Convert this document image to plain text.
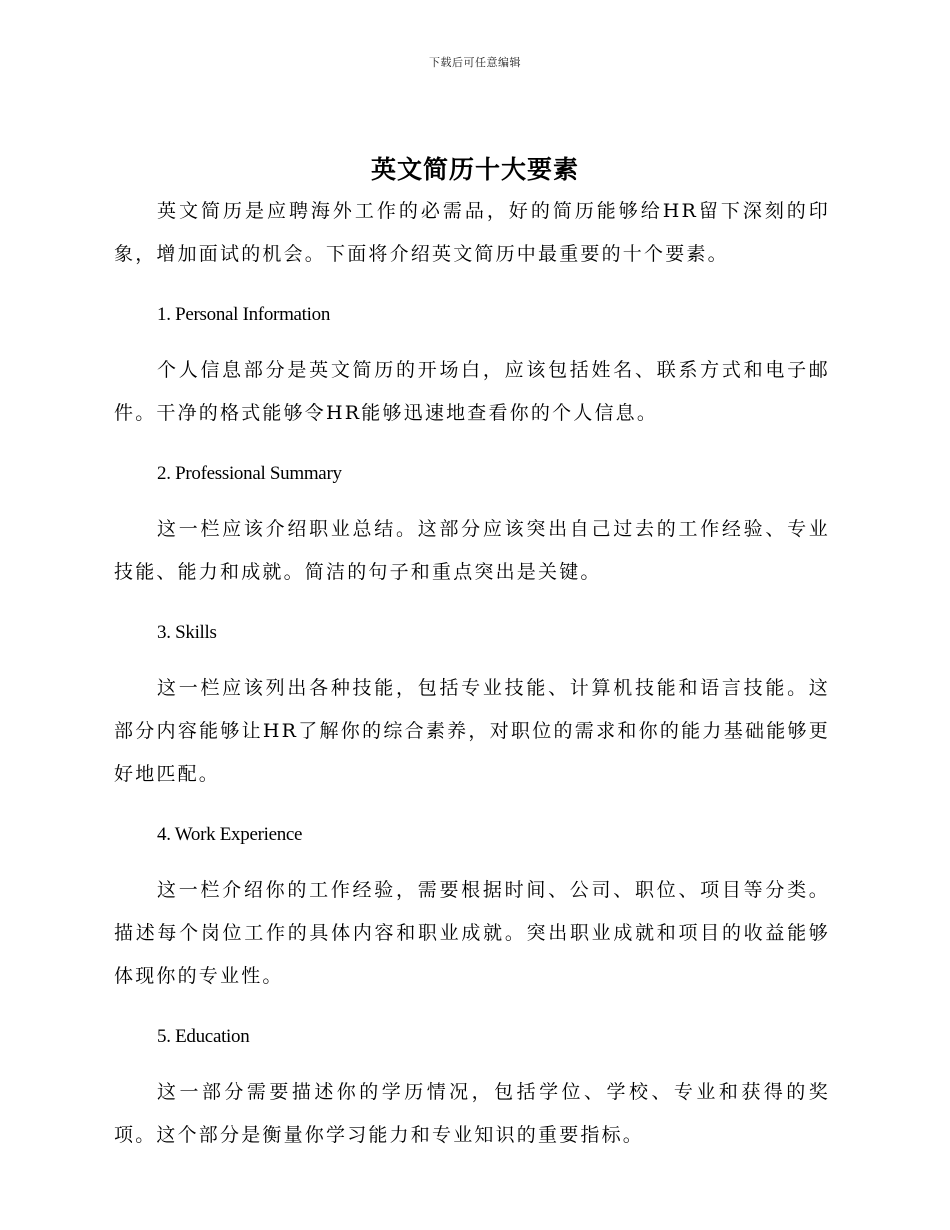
下载后可任意编辑
英文简历十大要素

英文简历是应聘海外工作的必需品，好的简历能够给HR留下深刻的印象，增加面试的机会。下面将介绍英文简历中最重要的十个要素。

1. Personal Information

个人信息部分是英文简历的开场白，应该包括姓名、联系方式和电子邮件。干净的格式能够令HR能够迅速地查看你的个人信息。

2. Professional Summary

这一栏应该介绍职业总结。这部分应该突出自己过去的工作经验、专业技能、能力和成就。简洁的句子和重点突出是关键。

3. Skills

这一栏应该列出各种技能，包括专业技能、计算机技能和语言技能。这部分内容能够让HR了解你的综合素养，对职位的需求和你的能力基础能够更好地匹配。

4. Work Experience

这一栏介绍你的工作经验，需要根据时间、公司、职位、项目等分类。描述每个岗位工作的具体内容和职业成就。突出职业成就和项目的收益能够体现你的专业性。

5. Education

这一部分需要描述你的学历情况，包括学位、学校、专业和获得的奖项。这个部分是衡量你学习能力和专业知识的重要指标。
